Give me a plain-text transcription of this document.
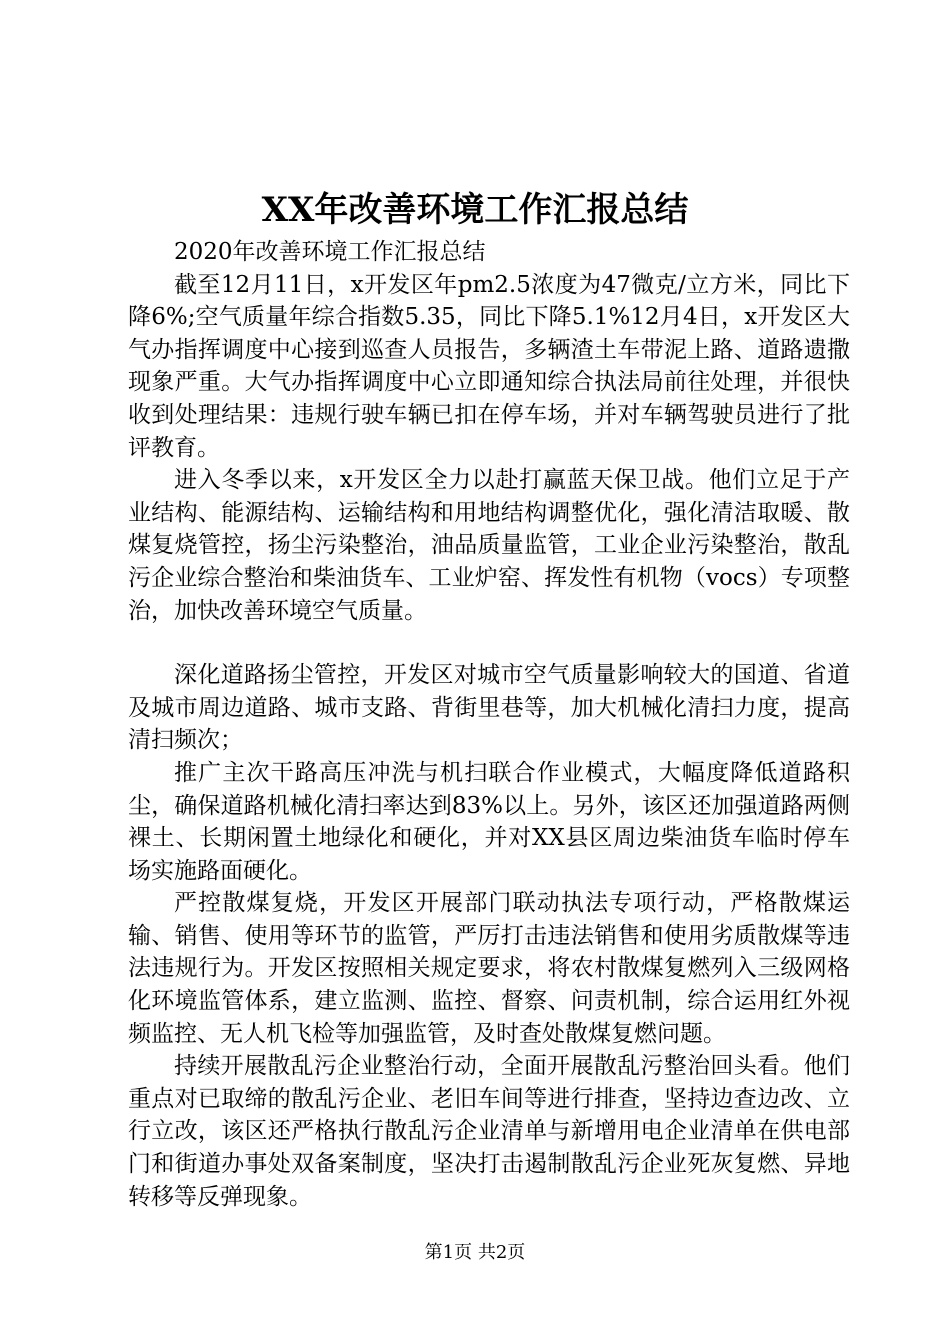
XX年改善环境工作汇报总结

2020年改善环境工作汇报总结

截至12月11日，x开发区年pm2.5浓度为47微克/立方米，同比下降6%;空气质量年综合指数5.35，同比下降5.1%12月4日，x开发区大气办指挥调度中心接到巡查人员报告，多辆渣土车带泥上路、道路遗撒现象严重。大气办指挥调度中心立即通知综合执法局前往处理，并很快收到处理结果：违规行驶车辆已扣在停车场，并对车辆驾驶员进行了批评教育。

进入冬季以来，x开发区全力以赴打赢蓝天保卫战。他们立足于产业结构、能源结构、运输结构和用地结构调整优化，强化清洁取暖、散煤复烧管控，扬尘污染整治，油品质量监管，工业企业污染整治，散乱污企业综合整治和柴油货车、工业炉窑、挥发性有机物（vocs）专项整治，加快改善环境空气质量。

深化道路扬尘管控，开发区对城市空气质量影响较大的国道、省道及城市周边道路、城市支路、背街里巷等，加大机械化清扫力度，提高清扫频次；

推广主次干路高压冲洗与机扫联合作业模式，大幅度降低道路积尘，确保道路机械化清扫率达到83%以上。另外，该区还加强道路两侧裸土、长期闲置土地绿化和硬化，并对XX县区周边柴油货车临时停车场实施路面硬化。

严控散煤复烧，开发区开展部门联动执法专项行动，严格散煤运输、销售、使用等环节的监管，严厉打击违法销售和使用劣质散煤等违法违规行为。开发区按照相关规定要求，将农村散煤复燃列入三级网格化环境监管体系，建立监测、监控、督察、问责机制，综合运用红外视频监控、无人机飞检等加强监管，及时查处散煤复燃问题。

持续开展散乱污企业整治行动，全面开展散乱污整治回头看。他们重点对已取缔的散乱污企业、老旧车间等进行排查，坚持边查边改、立行立改，该区还严格执行散乱污企业清单与新增用电企业清单在供电部门和街道办事处双备案制度，坚决打击遏制散乱污企业死灰复燃、异地转移等反弹现象。

第1页 共2页
